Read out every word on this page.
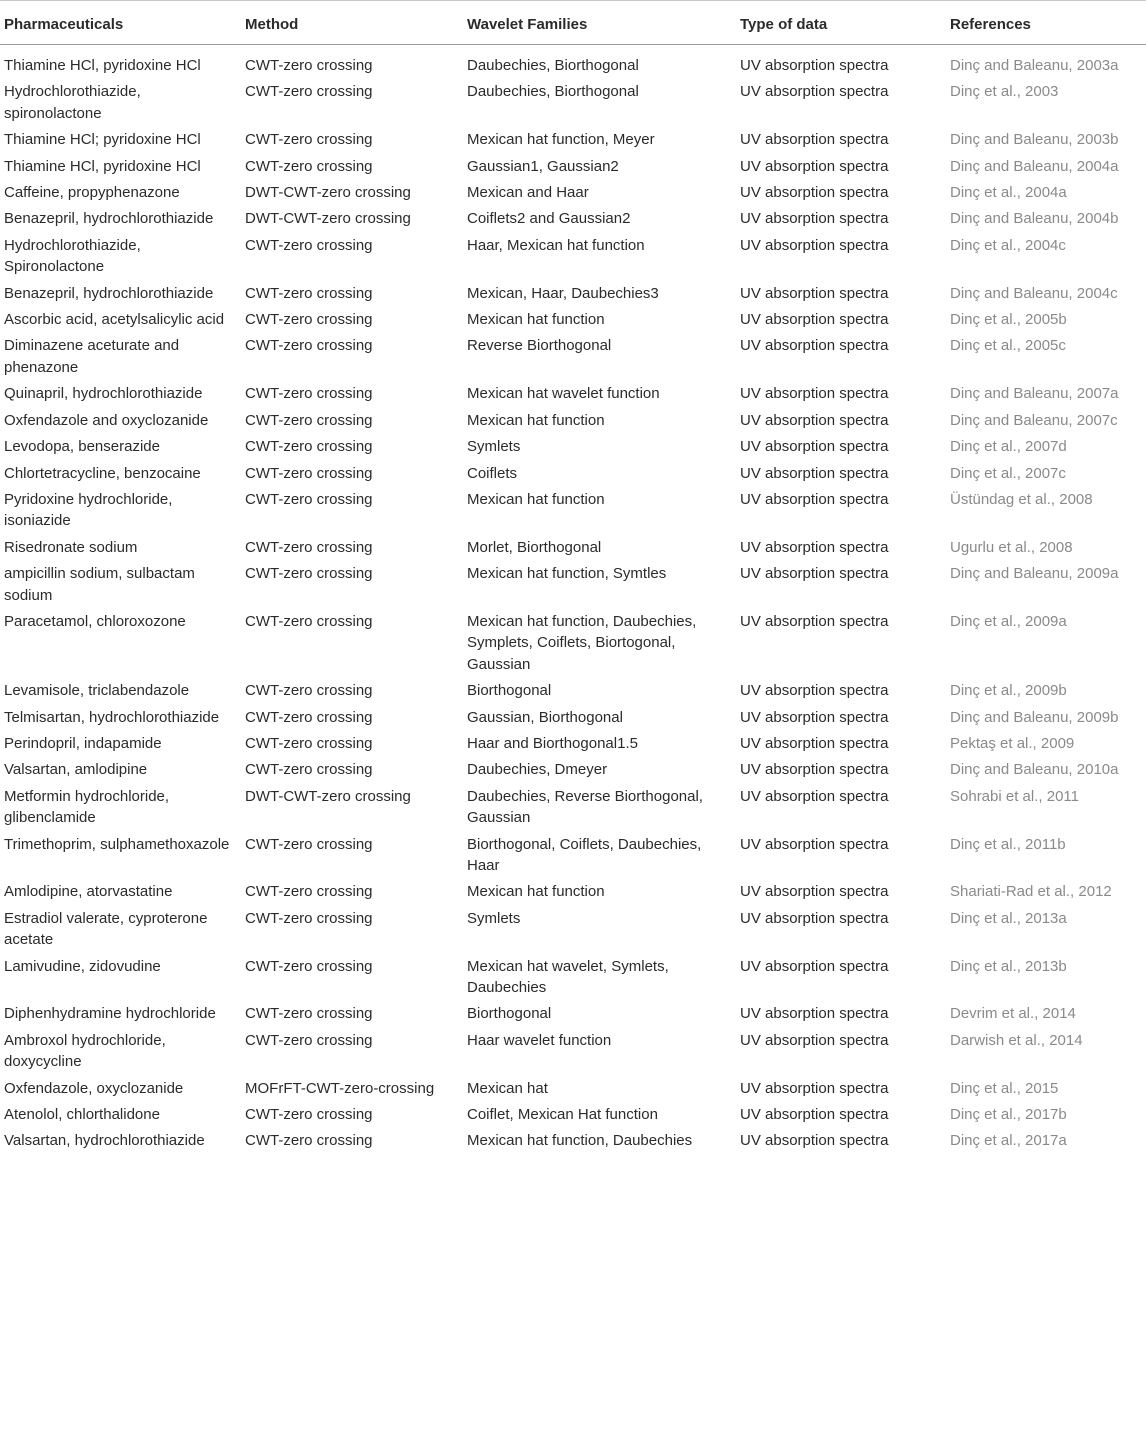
Pharmaceuticals	Method	Wavelet Families	Type of data	References
Thiamine HCl, pyridoxine HCl	CWT-zero crossing	Daubechies, Biorthogonal	UV absorption spectra	Dinç and Baleanu, 2003a
Hydrochlorothiazide, spironolactone	CWT-zero crossing	Daubechies, Biorthogonal	UV absorption spectra	Dinç et al., 2003
Thiamine HCl; pyridoxine HCl	CWT-zero crossing	Mexican hat function, Meyer	UV absorption spectra	Dinç and Baleanu, 2003b
Thiamine HCl, pyridoxine HCl	CWT-zero crossing	Gaussian1, Gaussian2	UV absorption spectra	Dinç and Baleanu, 2004a
Caffeine, propyphenazone	DWT-CWT-zero crossing	Mexican and Haar	UV absorption spectra	Dinç et al., 2004a
Benazepril, hydrochlorothiazide	DWT-CWT-zero crossing	Coiflets2 and Gaussian2	UV absorption spectra	Dinç and Baleanu, 2004b
Hydrochlorothiazide, Spironolactone	CWT-zero crossing	Haar, Mexican hat function	UV absorption spectra	Dinç et al., 2004c
Benazepril, hydrochlorothiazide	CWT-zero crossing	Mexican, Haar, Daubechies3	UV absorption spectra	Dinç and Baleanu, 2004c
Ascorbic acid, acetylsalicylic acid	CWT-zero crossing	Mexican hat function	UV absorption spectra	Dinç et al., 2005b
Diminazene aceturate and phenazone	CWT-zero crossing	Reverse Biorthogonal	UV absorption spectra	Dinç et al., 2005c
Quinapril, hydrochlorothiazide	CWT-zero crossing	Mexican hat wavelet function	UV absorption spectra	Dinç and Baleanu, 2007a
Oxfendazole and oxyclozanide	CWT-zero crossing	Mexican hat function	UV absorption spectra	Dinç and Baleanu, 2007c
Levodopa, benserazide	CWT-zero crossing	Symlets	UV absorption spectra	Dinç et al., 2007d
Chlortetracycline, benzocaine	CWT-zero crossing	Coiflets	UV absorption spectra	Dinç et al., 2007c
Pyridoxine hydrochloride, isoniazide	CWT-zero crossing	Mexican hat function	UV absorption spectra	Üstündag et al., 2008
Risedronate sodium	CWT-zero crossing	Morlet, Biorthogonal	UV absorption spectra	Ugurlu et al., 2008
ampicillin sodium, sulbactam sodium	CWT-zero crossing	Mexican hat function, Symtles	UV absorption spectra	Dinç and Baleanu, 2009a
Paracetamol, chloroxozone	CWT-zero crossing	Mexican hat function, Daubechies, Symplets, Coiflets, Biortogonal, Gaussian	UV absorption spectra	Dinç et al., 2009a
Levamisole, triclabendazole	CWT-zero crossing	Biorthogonal	UV absorption spectra	Dinç et al., 2009b
Telmisartan, hydrochlorothiazide	CWT-zero crossing	Gaussian, Biorthogonal	UV absorption spectra	Dinç and Baleanu, 2009b
Perindopril, indapamide	CWT-zero crossing	Haar and Biorthogonal1.5	UV absorption spectra	Pektaş et al., 2009
Valsartan, amlodipine	CWT-zero crossing	Daubechies, Dmeyer	UV absorption spectra	Dinç and Baleanu, 2010a
Metformin hydrochloride, glibenclamide	DWT-CWT-zero crossing	Daubechies, Reverse Biorthogonal, Gaussian	UV absorption spectra	Sohrabi et al., 2011
Trimethoprim, sulphamethoxazole	CWT-zero crossing	Biorthogonal, Coiflets, Daubechies, Haar	UV absorption spectra	Dinç et al., 2011b
Amlodipine, atorvastatine	CWT-zero crossing	Mexican hat function	UV absorption spectra	Shariati-Rad et al., 2012
Estradiol valerate, cyproterone acetate	CWT-zero crossing	Symlets	UV absorption spectra	Dinç et al., 2013a
Lamivudine, zidovudine	CWT-zero crossing	Mexican hat wavelet, Symlets, Daubechies	UV absorption spectra	Dinç et al., 2013b
Diphenhydramine hydrochloride	CWT-zero crossing	Biorthogonal	UV absorption spectra	Devrim et al., 2014
Ambroxol hydrochloride, doxycycline	CWT-zero crossing	Haar wavelet function	UV absorption spectra	Darwish et al., 2014
Oxfendazole, oxyclozanide	MOFrFT-CWT-zero-crossing	Mexican hat	UV absorption spectra	Dinç et al., 2015
Atenolol, chlorthalidone	CWT-zero crossing	Coiflet, Mexican Hat function	UV absorption spectra	Dinç et al., 2017b
Valsartan, hydrochlorothiazide	CWT-zero crossing	Mexican hat function, Daubechies	UV absorption spectra	Dinç et al., 2017a
